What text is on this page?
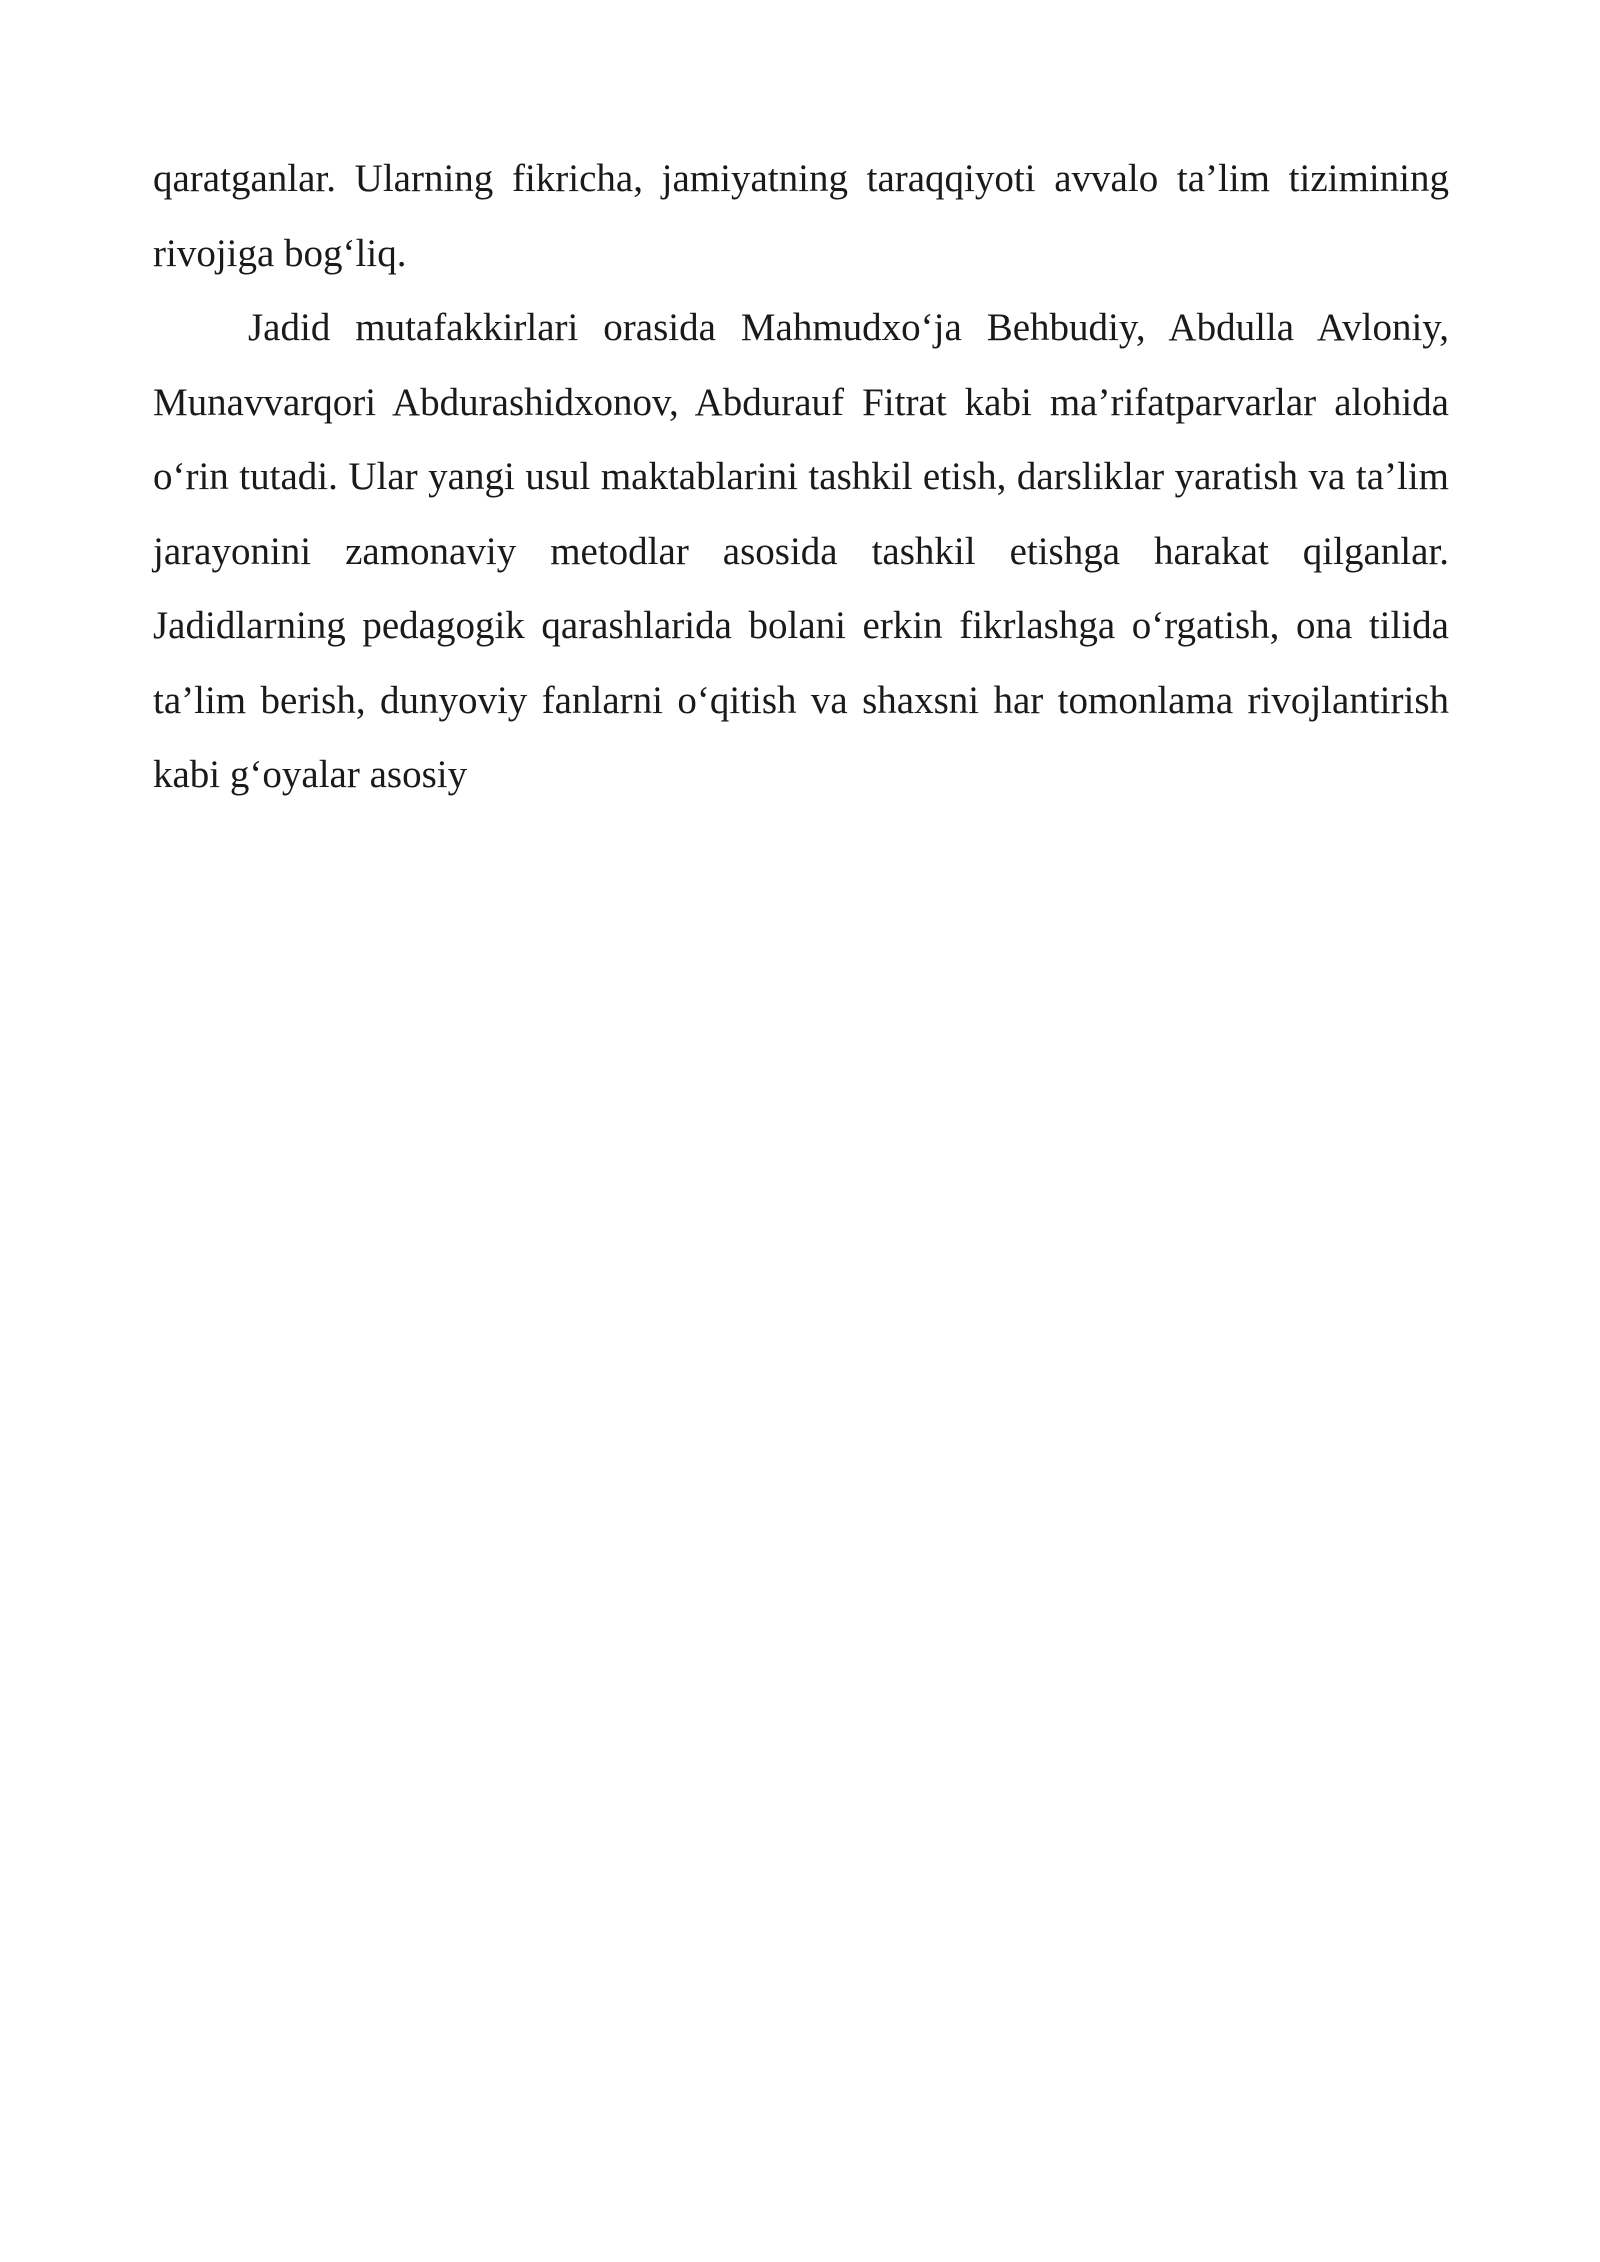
qaratganlar. Ularning fikricha, jamiyatning taraqqiyoti avvalo ta’lim tizimining rivojiga bog‘liq.

Jadid mutafakkirlari orasida Mahmudxo‘ja Behbudiy, Abdulla Avloniy, Munavvarqori Abdurashidxonov, Abdurauf Fitrat kabi ma’rifatparvarlar alohida o‘rin tutadi. Ular yangi usul maktablarini tashkil etish, darsliklar yaratish va ta’lim jarayonini zamonaviy metodlar asosida tashkil etishga harakat qilganlar. Jadidlarning pedagogik qarashlarida bolani erkin fikrlashga o‘rgatish, ona tilida ta’lim berish, dunyoviy fanlarni o‘qitish va shaxsni har tomonlama rivojlantirish kabi g‘oyalar asosiy
